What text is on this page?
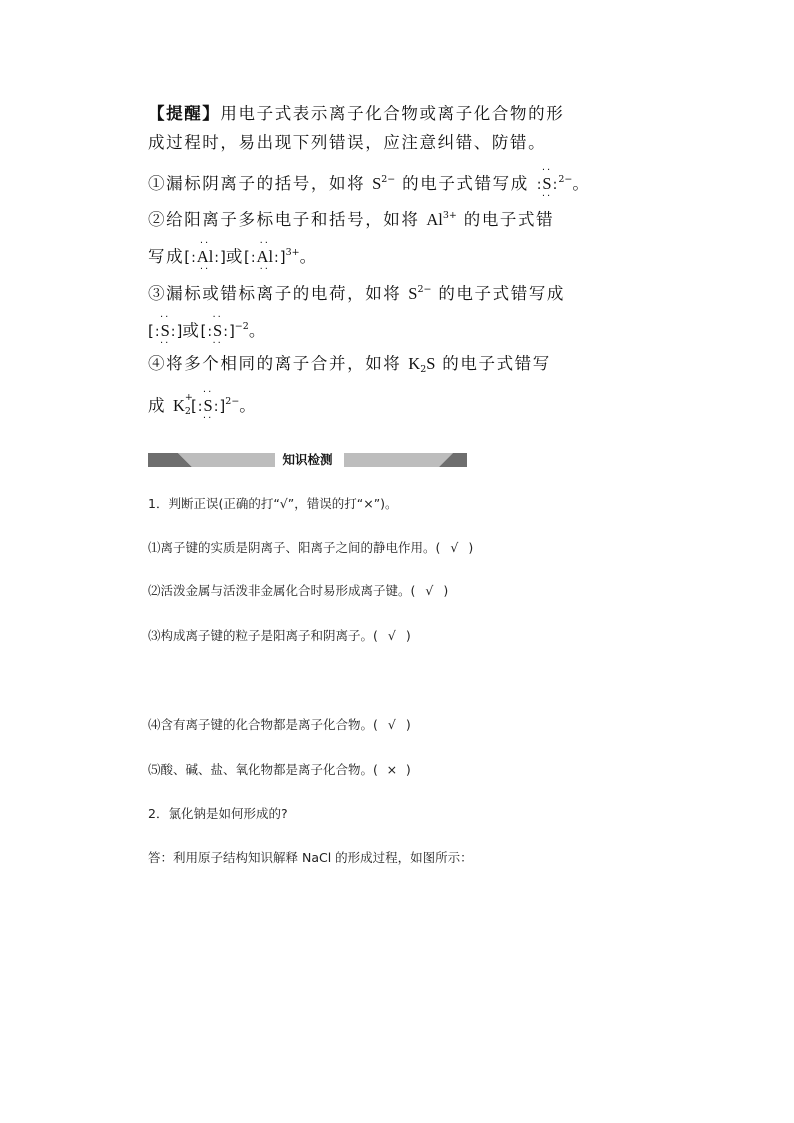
【提醒】用电子式表示离子化合物或离子化合物的形
成过程时，易出现下列错误，应注意纠错、防错。
①漏标阴离子的括号，如将 $S^{2-}$ 的电子式错写成 :
··
S
··
:$^{2-}$。
②给阳离子多标电子和括号，如将 $Al^{3+}$ 的电子式错
写成[:
··
Al
··
:]或[:
··
Al
··
:]$^{3+}$。
③漏标或错标离子的电荷，如将 $S^{2-}$ 的电子式错写成
[:
··
S
··
:]或[:
··
S
··
:]$^{-2}$。
④将多个相同的离子合并，如将 $K_2S$ 的电子式错写
成 K +
$_2$[:
··
S
··
:]$^{2-}$。
知识检测
1．判断正误(正确的打“√”，错误的打“×”)。
⑴离子键的实质是阴离子、阳离子之间的静电作用。( √ )
⑵活泼金属与活泼非金属化合时易形成离子键。( √ )
⑶构成离子键的粒子是阳离子和阴离子。( √ )
⑷含有离子键的化合物都是离子化合物。( √ )
⑸酸、碱、盐、氧化物都是离子化合物。( × )
2．氯化钠是如何形成的?
答：利用原子结构知识解释 NaCl 的形成过程，如图所示：
